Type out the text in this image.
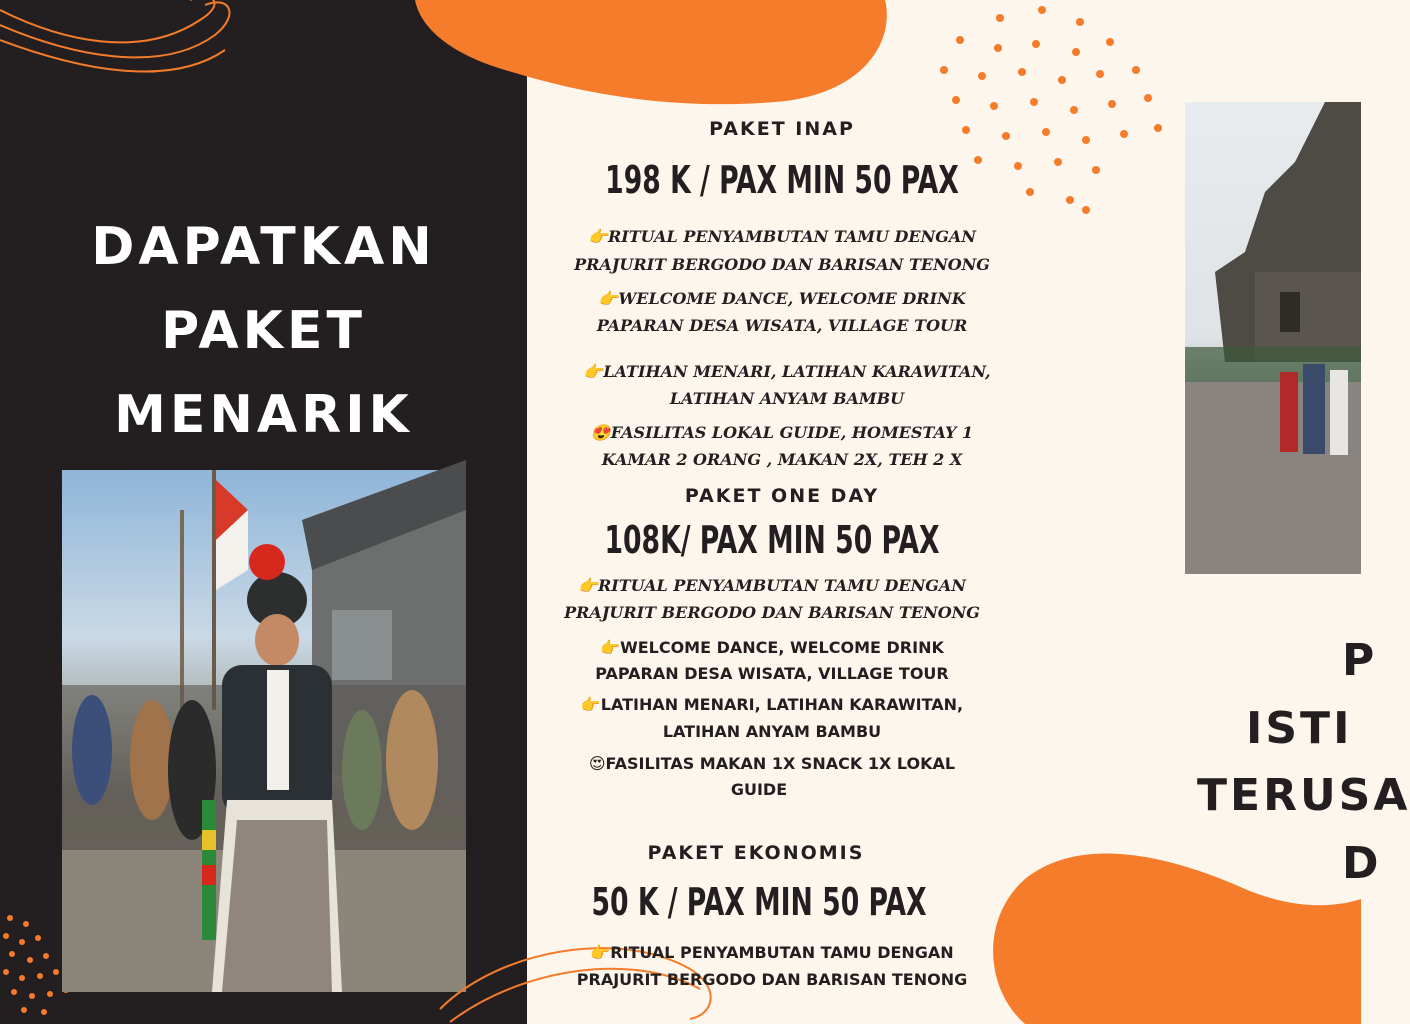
DAPATKAN
PAKET
MENARIK
P
ISTI
TERUSA
D
PAKET INAP
198 K / PAX MIN 50 PAX
👉RITUAL PENYAMBUTAN TAMU DENGAN
PRAJURIT BERGODO DAN BARISAN TENONG
👉WELCOME DANCE, WELCOME DRINK
PAPARAN DESA WISATA, VILLAGE TOUR
👉LATIHAN MENARI, LATIHAN KARAWITAN,
LATIHAN ANYAM BAMBU
😍FASILITAS LOKAL GUIDE, HOMESTAY 1
KAMAR 2 ORANG , MAKAN 2X, TEH 2 X
PAKET ONE DAY
108K/ PAX MIN 50 PAX
👉RITUAL PENYAMBUTAN TAMU DENGAN
PRAJURIT BERGODO DAN BARISAN TENONG
👉WELCOME DANCE, WELCOME DRINK
PAPARAN DESA WISATA, VILLAGE TOUR
👉LATIHAN MENARI, LATIHAN KARAWITAN,
LATIHAN ANYAM BAMBU
😍FASILITAS MAKAN 1X SNACK 1X LOKAL
GUIDE
PAKET EKONOMIS
50 K / PAX MIN 50 PAX
👉RITUAL PENYAMBUTAN TAMU DENGAN
PRAJURIT BERGODO DAN BARISAN TENONG
